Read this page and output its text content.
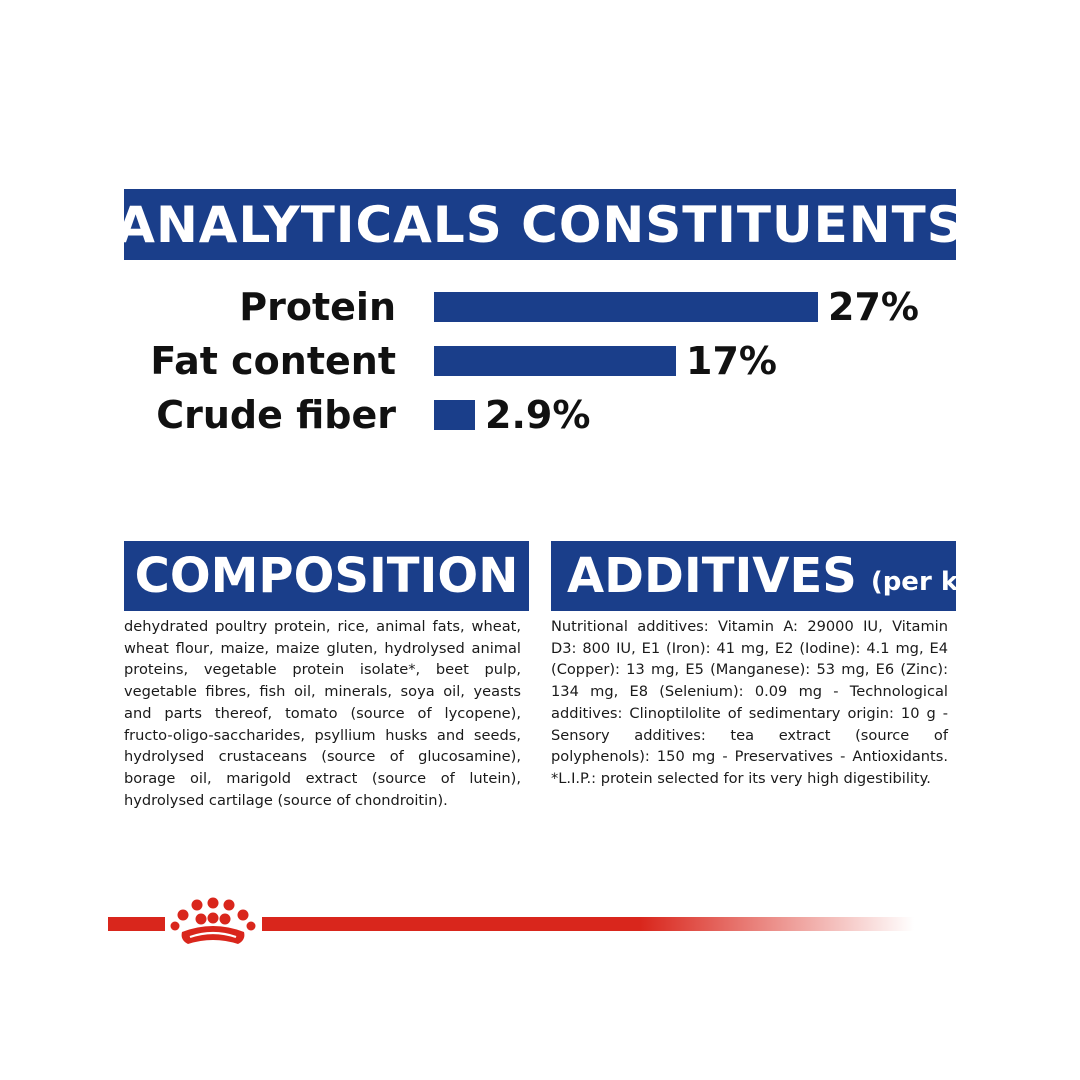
ANALYTICALS CONSTITUENTS
Protein	27%
Fat content	17%
Crude fiber 2.9%
COMPOSITION
dehydrated poultry protein, rice, animal fats, wheat, wheat flour, maize, maize gluten, hydrolysed animal proteins, vegetable protein isolate*, beet pulp, vegetable fibres, fish oil, minerals, soya oil, yeasts and parts thereof, tomato (source of lycopene), fructo-oligo-saccharides, psyllium husks and seeds, hydrolysed crustaceans (source of glucosamine), borage oil, marigold extract (source of lutein), hydrolysed cartilage (source of chondroitin).
ADDITIVES (per kg)
Nutritional additives: Vitamin A: 29000 IU, Vitamin D3: 800 IU, E1 (Iron): 41 mg, E2 (Iodine): 4.1 mg, E4 (Copper): 13 mg, E5 (Manganese): 53 mg, E6 (Zinc): 134 mg, E8 (Selenium): 0.09 mg - Technological additives: Clinoptilolite of sedimentary origin: 10 g - Sensory additives: tea extract (source of polyphenols): 150 mg - Preservatives - Antioxidants. *L.I.P.: protein selected for its very high digestibility.
